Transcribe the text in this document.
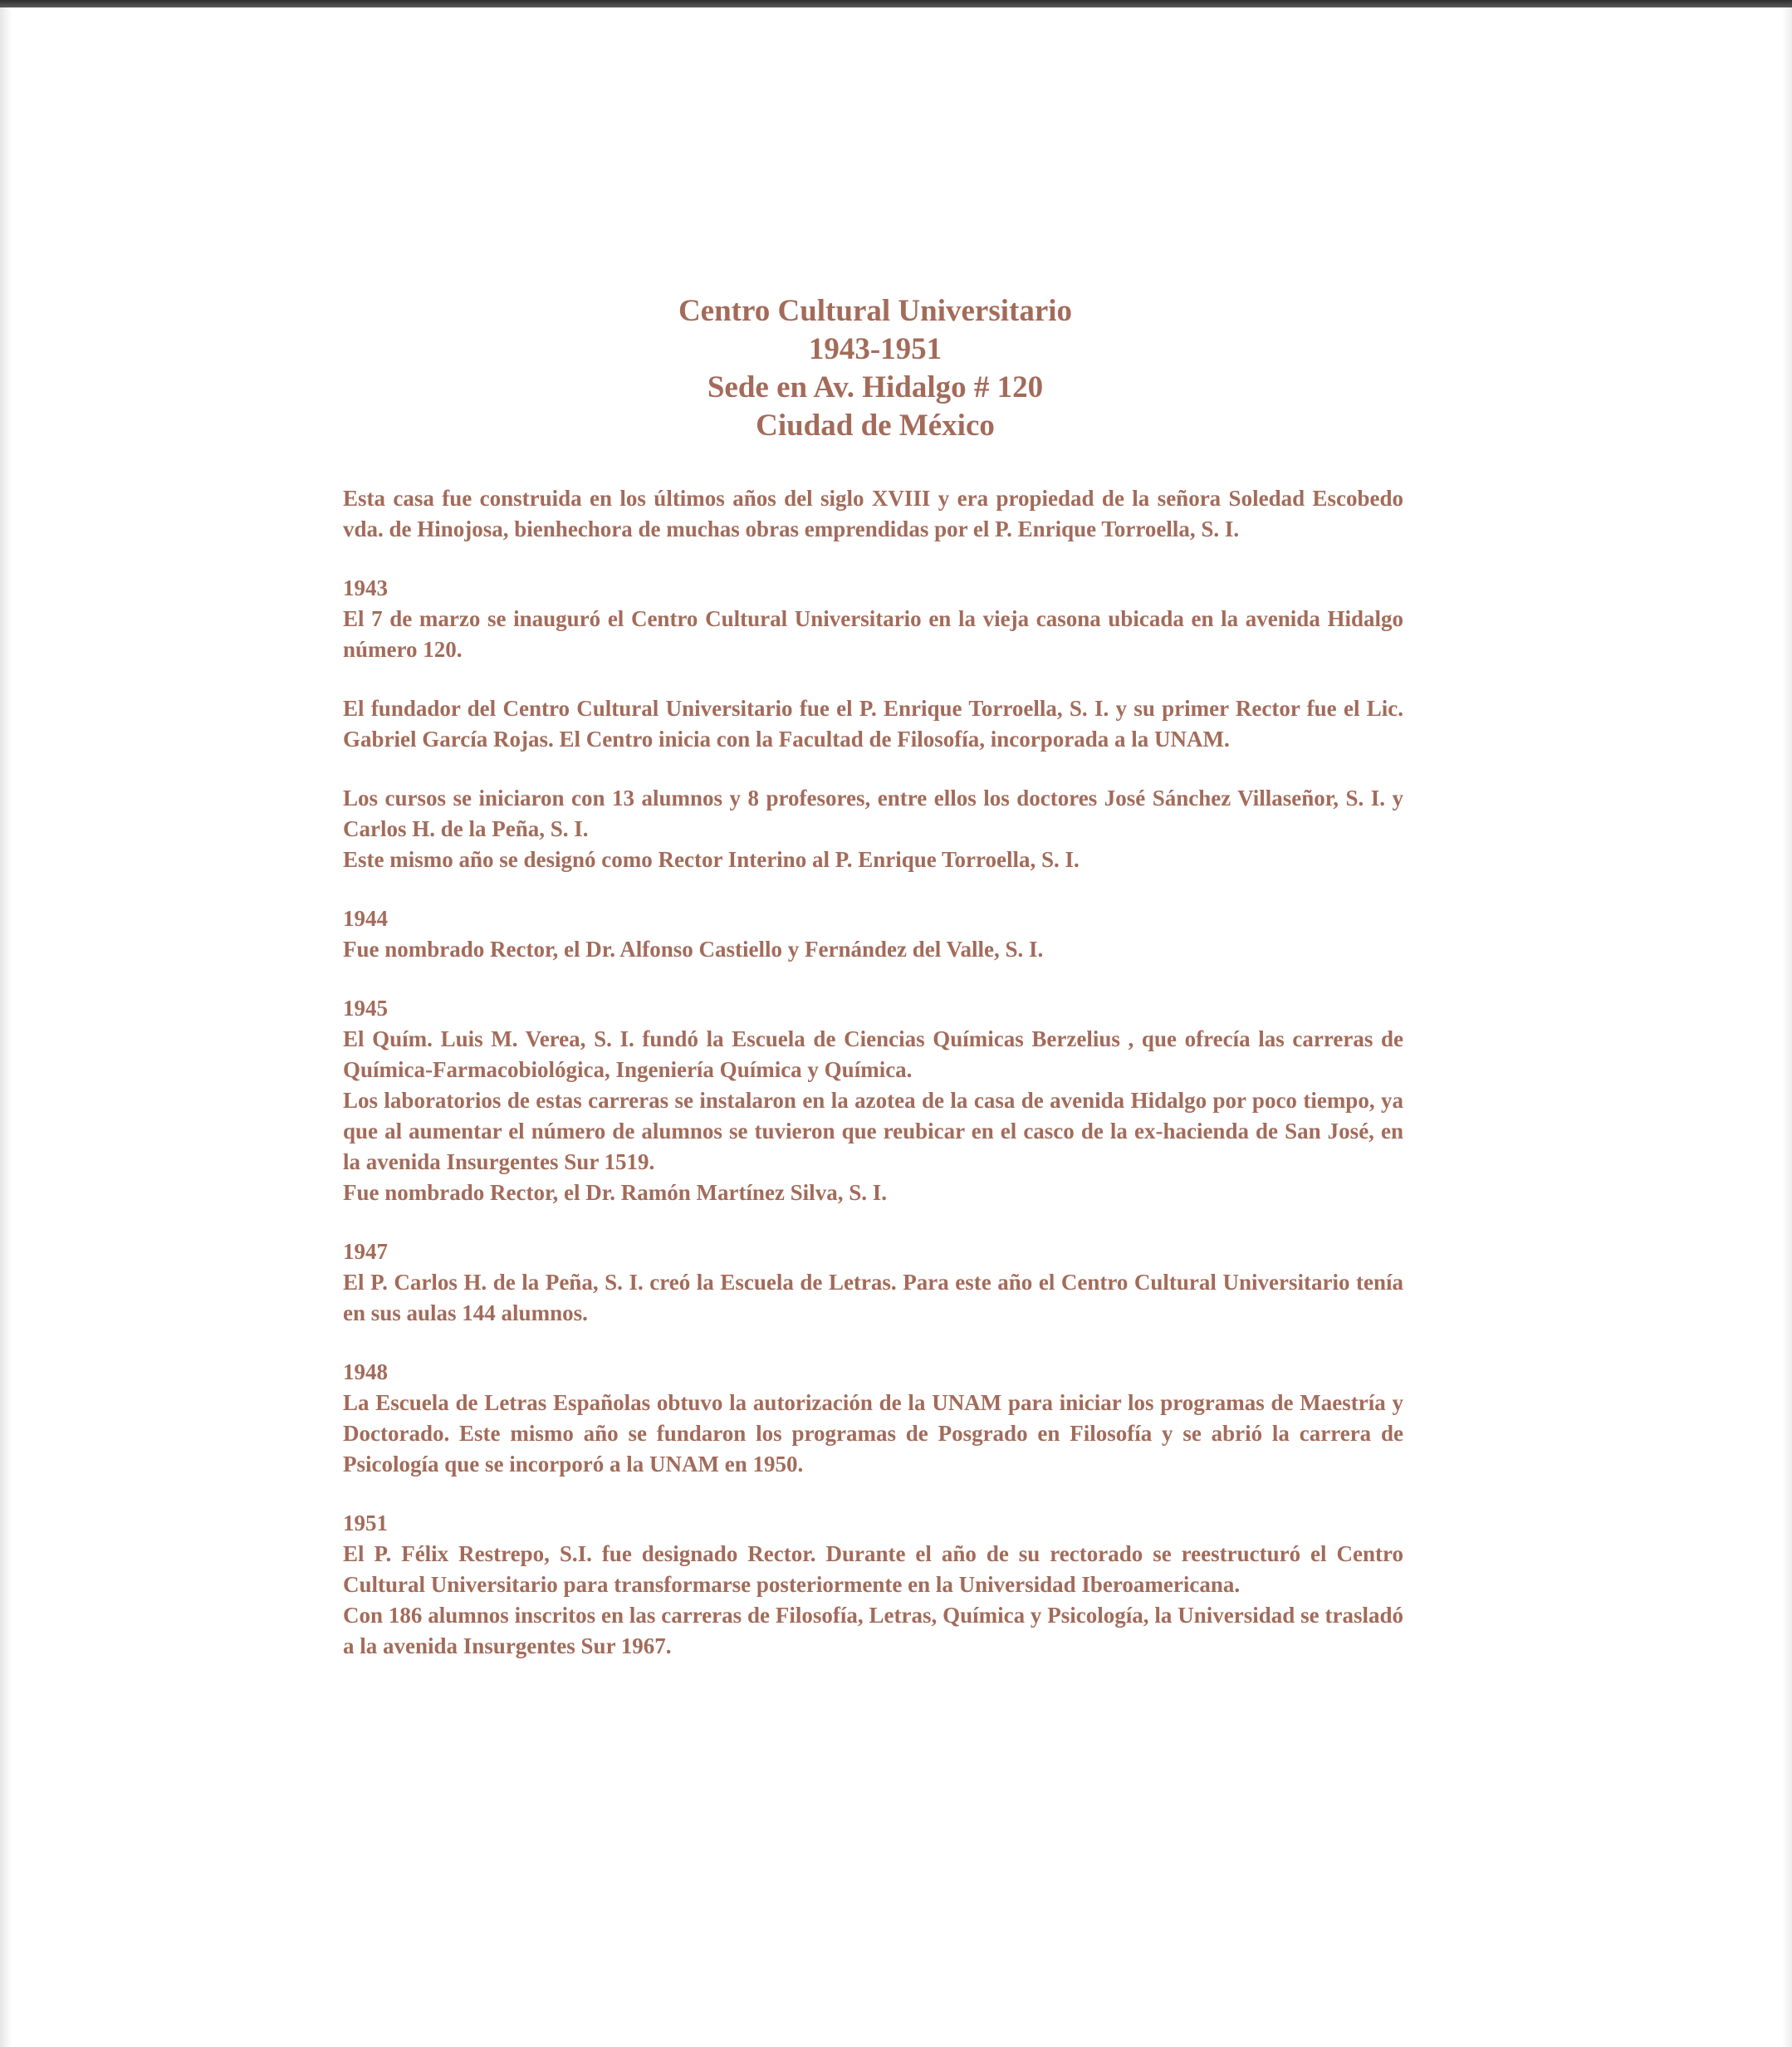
Centro Cultural Universitario
1943-1951
Sede en Av. Hidalgo # 120
Ciudad de México

Esta casa fue construida en los últimos años del siglo XVIII y era propiedad de la señora Soledad Escobedo vda. de Hinojosa, bienhechora de muchas obras emprendidas por el P. Enrique Torroella, S. I.

1943

El 7 de marzo se inauguró el Centro Cultural Universitario en la vieja casona ubicada en la avenida Hidalgo número 120.

El fundador del Centro Cultural Universitario fue el P. Enrique Torroella, S. I. y su primer Rector fue el Lic. Gabriel García Rojas. El Centro inicia con la Facultad de Filosofía, incorporada a la UNAM.

Los cursos se iniciaron con 13 alumnos y 8 profesores, entre ellos los doctores José Sánchez Villaseñor, S. I. y Carlos H. de la Peña, S. I.

Este mismo año se designó como Rector Interino al P. Enrique Torroella, S. I.

1944

Fue nombrado Rector, el Dr. Alfonso Castiello y Fernández del Valle, S. I.

1945

El Quím. Luis M. Verea, S. I. fundó la Escuela de Ciencias Químicas Berzelius , que ofrecía las carreras de Química-Farmacobiológica, Ingeniería Química y Química.

Los laboratorios de estas carreras se instalaron en la azotea de la casa de avenida Hidalgo por poco tiempo, ya que al aumentar el número de alumnos se tuvieron que reubicar en el casco de la ex-hacienda de San José, en la avenida Insurgentes Sur 1519.

Fue nombrado Rector, el Dr. Ramón Martínez Silva, S. I.

1947

El P. Carlos H. de la Peña, S. I. creó la Escuela de Letras. Para este año el Centro Cultural Universitario tenía en sus aulas 144 alumnos.

1948

La Escuela de Letras Españolas obtuvo la autorización de la UNAM para iniciar los programas de Maestría y Doctorado. Este mismo año se fundaron los programas de Posgrado en Filosofía y se abrió la carrera de Psicología que se incorporó a la UNAM en 1950.

1951

El P. Félix Restrepo, S.I. fue designado Rector. Durante el año de su rectorado se reestructuró el Centro Cultural Universitario para transformarse posteriormente en la Universidad Iberoamericana.

Con 186 alumnos inscritos en las carreras de Filosofía, Letras, Química y Psicología, la Universidad se trasladó a la avenida Insurgentes Sur 1967.
